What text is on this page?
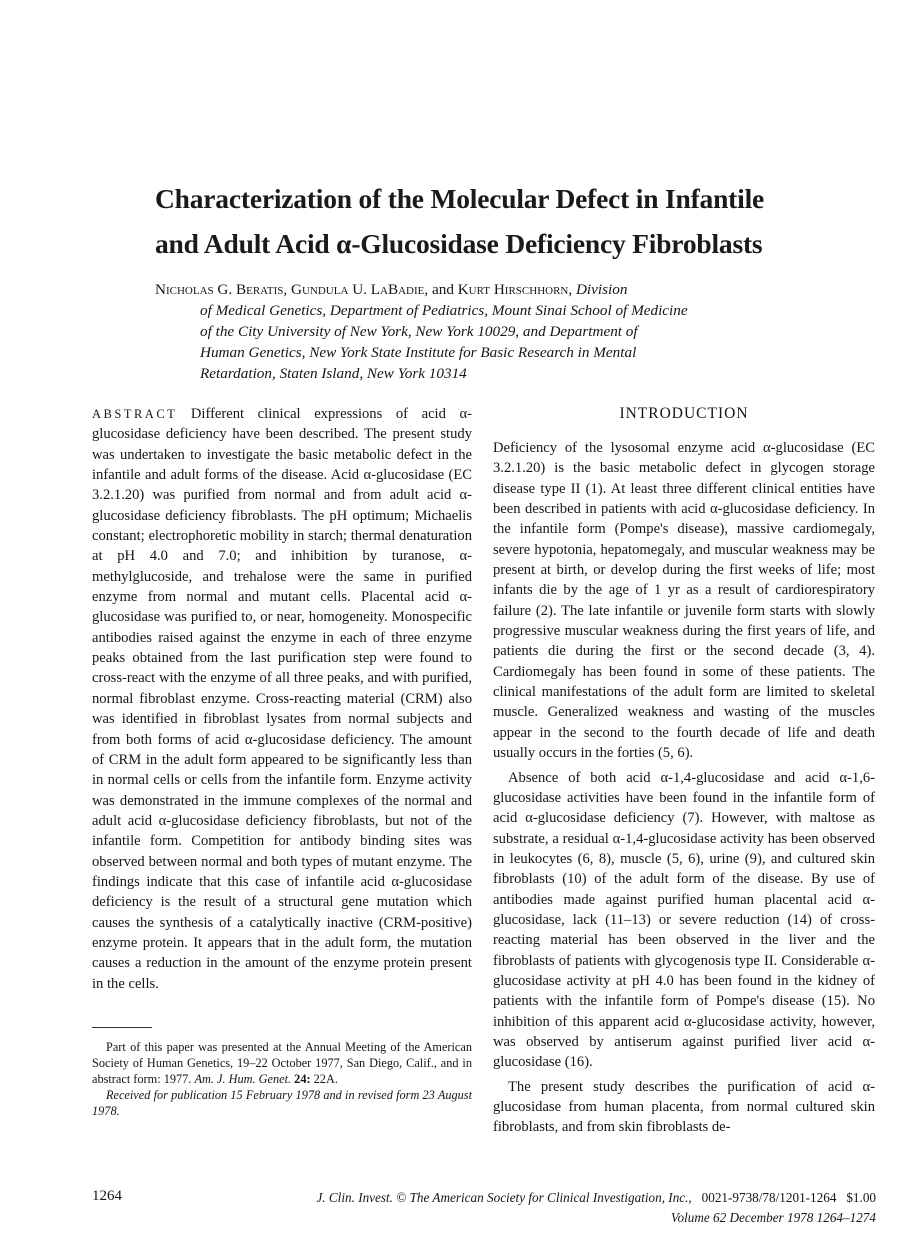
Characterization of the Molecular Defect in Infantile
and Adult Acid α-Glucosidase Deficiency Fibroblasts
Nicholas G. Beratis, Gundula U. LaBadie, and Kurt Hirschhorn, Division
of Medical Genetics, Department of Pediatrics, Mount Sinai School of Medicine
of the City University of New York, New York 10029, and Department of
Human Genetics, New York State Institute for Basic Research in Mental
Retardation, Staten Island, New York 10314

ABSTRACT Different clinical expressions of acid α-glucosidase deficiency have been described. The present study was undertaken to investigate the basic metabolic defect in the infantile and adult forms of the disease. Acid α-glucosidase (EC 3.2.1.20) was purified from normal and from adult acid α-glucosidase deficiency fibroblasts. The pH optimum; Michaelis constant; electrophoretic mobility in starch; thermal denaturation at pH 4.0 and 7.0; and inhibition by turanose, α-methylglucoside, and trehalose were the same in purified enzyme from normal and mutant cells. Placental acid α-glucosidase was purified to, or near, homogeneity. Monospecific antibodies raised against the enzyme in each of three enzyme peaks obtained from the last purification step were found to cross-react with the enzyme of all three peaks, and with purified, normal fibroblast enzyme. Cross-reacting material (CRM) also was identified in fibroblast lysates from normal subjects and from both forms of acid α-glucosidase deficiency. The amount of CRM in the adult form appeared to be significantly less than in normal cells or cells from the infantile form. Enzyme activity was demonstrated in the immune complexes of the normal and adult acid α-glucosidase deficiency fibroblasts, but not of the infantile form. Competition for antibody binding sites was observed between normal and both types of mutant enzyme. The findings indicate that this case of infantile acid α-glucosidase deficiency is the result of a structural gene mutation which causes the synthesis of a catalytically inactive (CRM-positive) enzyme protein. It appears that in the adult form, the mutation causes a reduction in the amount of the enzyme protein present in the cells.

Part of this paper was presented at the Annual Meeting of the American Society of Human Genetics, 19–22 October 1977, San Diego, Calif., and in abstract form: 1977. Am. J. Hum. Genet. 24: 22A.

Received for publication 15 February 1978 and in revised form 23 August 1978.

INTRODUCTION

Deficiency of the lysosomal enzyme acid α-glucosidase (EC 3.2.1.20) is the basic metabolic defect in glycogen storage disease type II (1). At least three different clinical entities have been described in patients with acid α-glucosidase deficiency. In the infantile form (Pompe's disease), massive cardiomegaly, severe hypotonia, hepatomegaly, and muscular weakness may be present at birth, or develop during the first weeks of life; most infants die by the age of 1 yr as a result of cardiorespiratory failure (2). The late infantile or juvenile form starts with slowly progressive muscular weakness during the first years of life, and patients die during the first or the second decade (3, 4). Cardiomegaly has been found in some of these patients. The clinical manifestations of the adult form are limited to skeletal muscle. Generalized weakness and wasting of the muscles appear in the second to the fourth decade of life and death usually occurs in the forties (5, 6).

Absence of both acid α-1,4-glucosidase and acid α-1,6-glucosidase activities have been found in the infantile form of acid α-glucosidase deficiency (7). However, with maltose as substrate, a residual α-1,4-glucosidase activity has been observed in leukocytes (6, 8), muscle (5, 6), urine (9), and cultured skin fibroblasts (10) of the adult form of the disease. By use of antibodies made against purified human placental acid α-glucosidase, lack (11–13) or severe reduction (14) of cross-reacting material has been observed in the liver and the fibroblasts of patients with glycogenosis type II. Considerable α-glucosidase activity at pH 4.0 has been found in the kidney of patients with the infantile form of Pompe's disease (15). No inhibition of this apparent acid α-glucosidase activity, however, was observed by antiserum against purified liver acid α-glucosidase (16).

The present study describes the purification of acid α-glucosidase from human placenta, from normal cultured skin fibroblasts, and from skin fibroblasts de-

1264	J. Clin. Invest. © The American Society for Clinical Investigation, Inc., 0021-9738/78/1201-1264 $1.00
Volume 62 December 1978 1264–1274
